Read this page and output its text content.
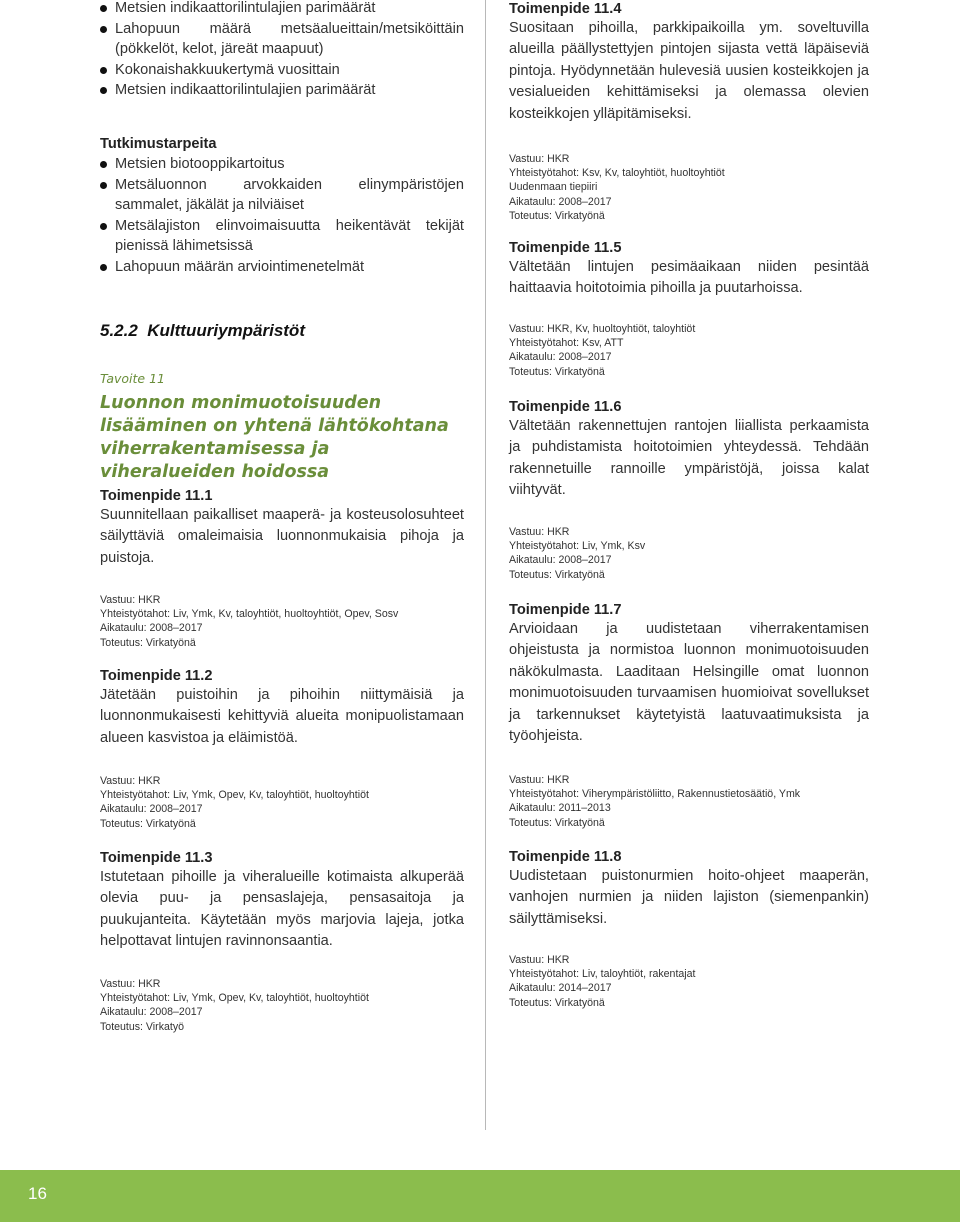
Metsien indikaattorilintulajien parimäärät
Lahopuun määrä metsäalueittain/metsiköittäin (pökkelöt, kelot, järeät maapuut)
Kokonaishakkuukertymä vuosittain
Metsien indikaattorilintulajien parimäärät
Tutkimustarpeita
Metsien biotooppikartoitus
Metsäluonnon arvokkaiden elinympäristöjen sammalet, jäkälät ja nilviäiset
Metsälajiston elinvoimaisuutta heikentävät tekijät pienissä lähimetsissä
Lahopuun määrän arviointimenetelmät
5.2.2  Kulttuuriympäristöt
Tavoite 11
Luonnon monimuotoisuuden lisääminen on yhtenä lähtökohtana viherrakentamisessa ja viheralueiden hoidossa
Toimenpide 11.1
Suunnitellaan paikalliset maaperä- ja kosteusolosuhteet säilyttäviä omaleimaisia luonnonmukaisia pihoja ja puistoja.
Vastuu: HKR
Yhteistyötahot: Liv, Ymk, Kv, taloyhtiöt, huoltoyhtiöt, Opev, Sosv
Aikataulu: 2008–2017
Toteutus: Virkatyönä
Toimenpide 11.2
Jätetään puistoihin ja pihoihin niittymäisiä ja luonnonmukaisesti kehittyviä alueita monipuolistamaan alueen kasvistoa ja eläimistöä.
Vastuu: HKR
Yhteistyötahot: Liv, Ymk, Opev, Kv, taloyhtiöt, huoltoyhtiöt
Aikataulu: 2008–2017
Toteutus: Virkatyönä
Toimenpide 11.3
Istutetaan pihoille ja viheralueille kotimaista alkuperää olevia puu- ja pensaslajeja, pensasaitoja ja puukujanteita. Käytetään myös marjovia lajeja, jotka helpottavat lintujen ravinnonsaantia.
Vastuu: HKR
Yhteistyötahot: Liv, Ymk, Opev, Kv, taloyhtiöt, huoltoyhtiöt
Aikataulu: 2008–2017
Toteutus: Virkatyö
Toimenpide 11.4
Suositaan pihoilla, parkkipaikoilla ym. soveltuvilla alueilla päällystettyjen pintojen sijasta vettä läpäiseviä pintoja. Hyödynnetään hulevesiä uusien kosteikkojen ja vesialueiden kehittämiseksi ja olemassa olevien kosteikkojen ylläpitämiseksi.
Vastuu: HKR
Yhteistyötahot: Ksv, Kv, taloyhtiöt, huoltoyhtiöt
Uudenmaan tiepiiri
Aikataulu: 2008–2017
Toteutus: Virkatyönä
Toimenpide 11.5
Vältetään lintujen pesimäaikaan niiden pesintää haittaavia hoitotoimia pihoilla ja puutarhoissa.
Vastuu: HKR, Kv, huoltoyhtiöt, taloyhtiöt
Yhteistyötahot: Ksv, ATT
Aikataulu: 2008–2017
Toteutus: Virkatyönä
Toimenpide 11.6
Vältetään rakennettujen rantojen liiallista perkaamista ja puhdistamista hoitotoimien yhteydessä. Tehdään rakennetuille rannoille ympäristöjä, joissa kalat viihtyvät.
Vastuu: HKR
Yhteistyötahot: Liv, Ymk, Ksv
Aikataulu: 2008–2017
Toteutus: Virkatyönä
Toimenpide 11.7
Arvioidaan ja uudistetaan viherrakentamisen ohjeistusta ja normistoa luonnon monimuotoisuuden näkökulmasta. Laaditaan Helsingille omat luonnon monimuotoisuuden turvaamisen huomioivat sovellukset ja tarkennukset käytetyistä laatuvaatimuksista ja työohjeista.
Vastuu: HKR
Yhteistyötahot: Viherympäristöliitto, Rakennustietosäätiö, Ymk
Aikataulu: 2011–2013
Toteutus: Virkatyönä
Toimenpide 11.8
Uudistetaan puistonurmien hoito-ohjeet maaperän, vanhojen nurmien ja niiden lajiston (siemenpankin) säilyttämiseksi.
Vastuu: HKR
Yhteistyötahot: Liv, taloyhtiöt, rakentajat
Aikataulu: 2014–2017
Toteutus: Virkatyönä
16
